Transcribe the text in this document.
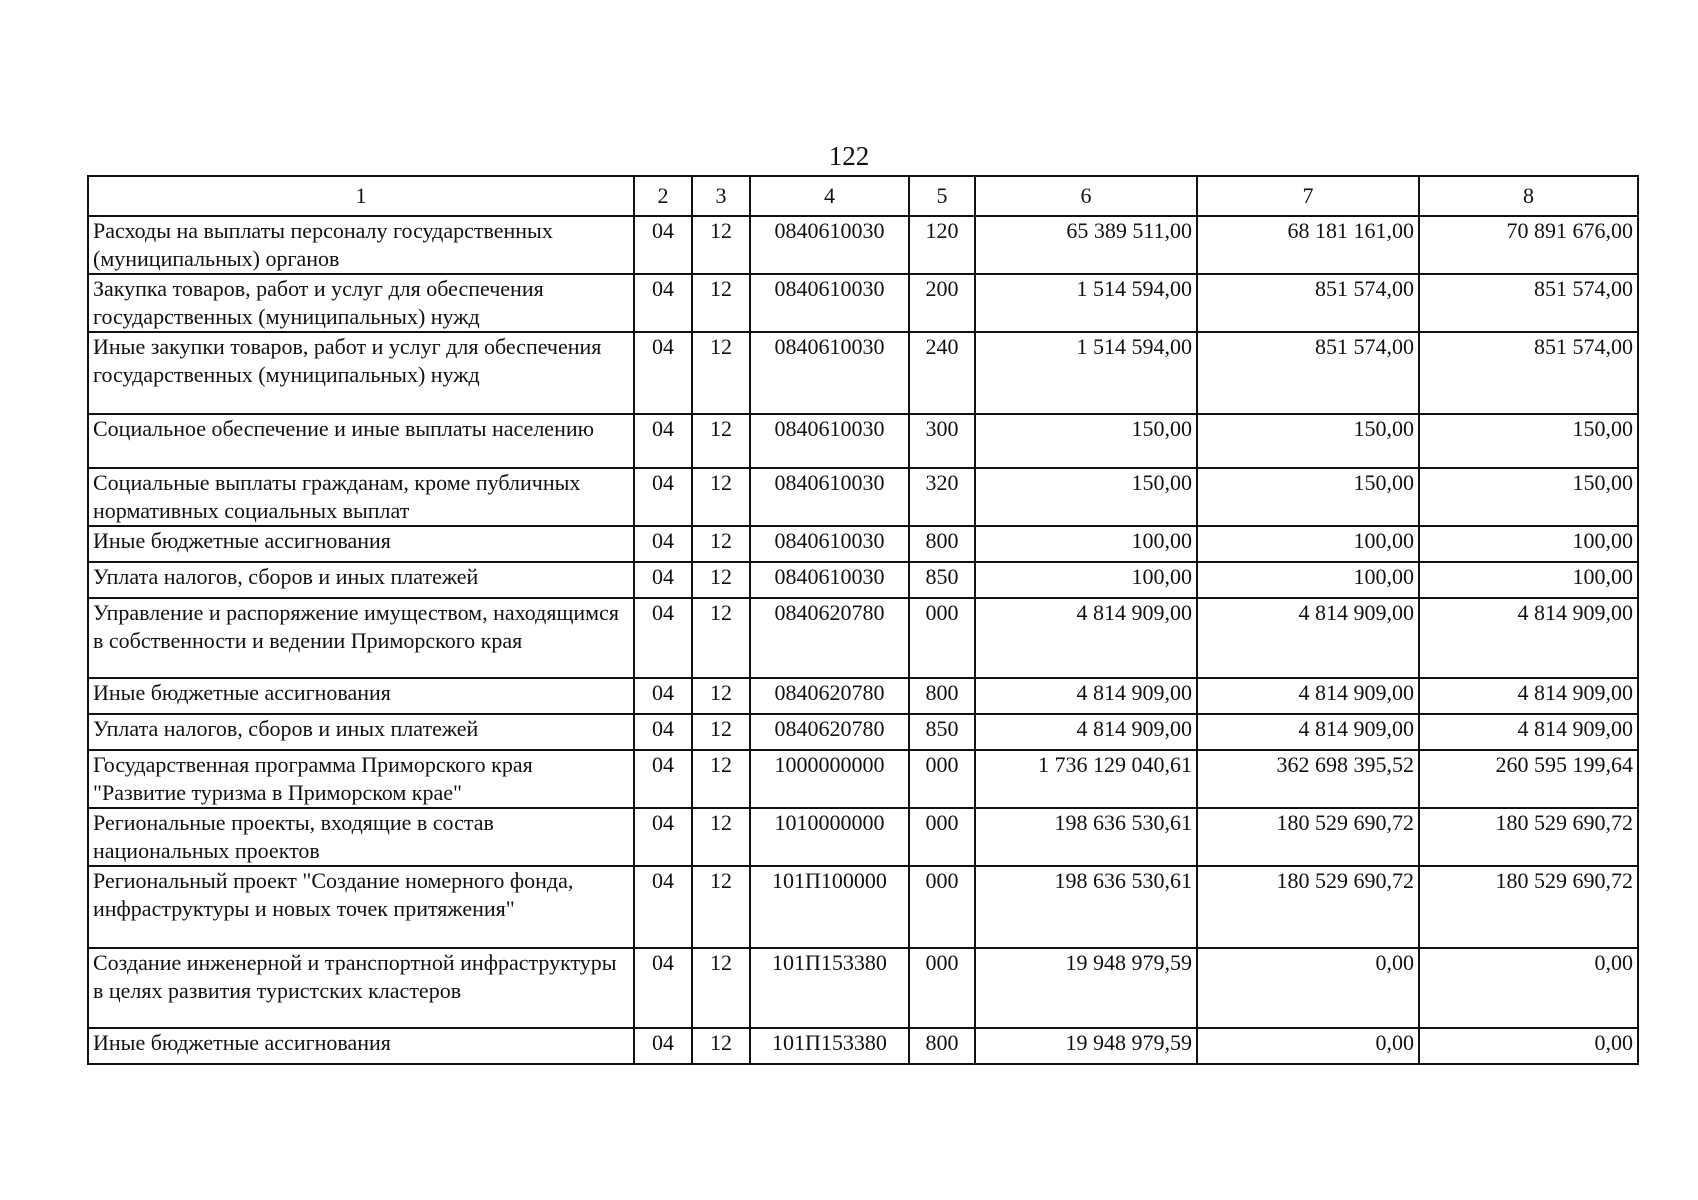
122
1	2	3	4	5	6	7	8
Расходы на выплаты персоналу государственных (муниципальных) органов	04	12	0840610030	120	65 389 511,00	68 181 161,00	70 891 676,00
Закупка товаров, работ и услуг для обеспечения государственных (муниципальных) нужд	04	12	0840610030	200	1 514 594,00	851 574,00	851 574,00
Иные закупки товаров, работ и услуг для обеспечения государственных (муниципальных) нужд	04	12	0840610030	240	1 514 594,00	851 574,00	851 574,00
Социальное обеспечение и иные выплаты населению	04	12	0840610030	300	150,00	150,00	150,00
Социальные выплаты гражданам, кроме публичных нормативных социальных выплат	04	12	0840610030	320	150,00	150,00	150,00
Иные бюджетные ассигнования	04	12	0840610030	800	100,00	100,00	100,00
Уплата налогов, сборов и иных платежей	04	12	0840610030	850	100,00	100,00	100,00
Управление и распоряжение имуществом, находящимся в собственности и ведении Приморского края	04	12	0840620780	000	4 814 909,00	4 814 909,00	4 814 909,00
Иные бюджетные ассигнования	04	12	0840620780	800	4 814 909,00	4 814 909,00	4 814 909,00
Уплата налогов, сборов и иных платежей	04	12	0840620780	850	4 814 909,00	4 814 909,00	4 814 909,00
Государственная программа Приморского края "Развитие туризма в Приморском крае"	04	12	1000000000	000	1 736 129 040,61	362 698 395,52	260 595 199,64
Региональные проекты, входящие в состав национальных проектов	04	12	1010000000	000	198 636 530,61	180 529 690,72	180 529 690,72
Региональный проект "Создание номерного фонда, инфраструктуры и новых точек притяжения"	04	12	101П100000	000	198 636 530,61	180 529 690,72	180 529 690,72
Создание инженерной и транспортной инфраструктуры в целях развития туристских кластеров	04	12	101П153380	000	19 948 979,59	0,00	0,00
Иные бюджетные ассигнования	04	12	101П153380	800	19 948 979,59	0,00	0,00
